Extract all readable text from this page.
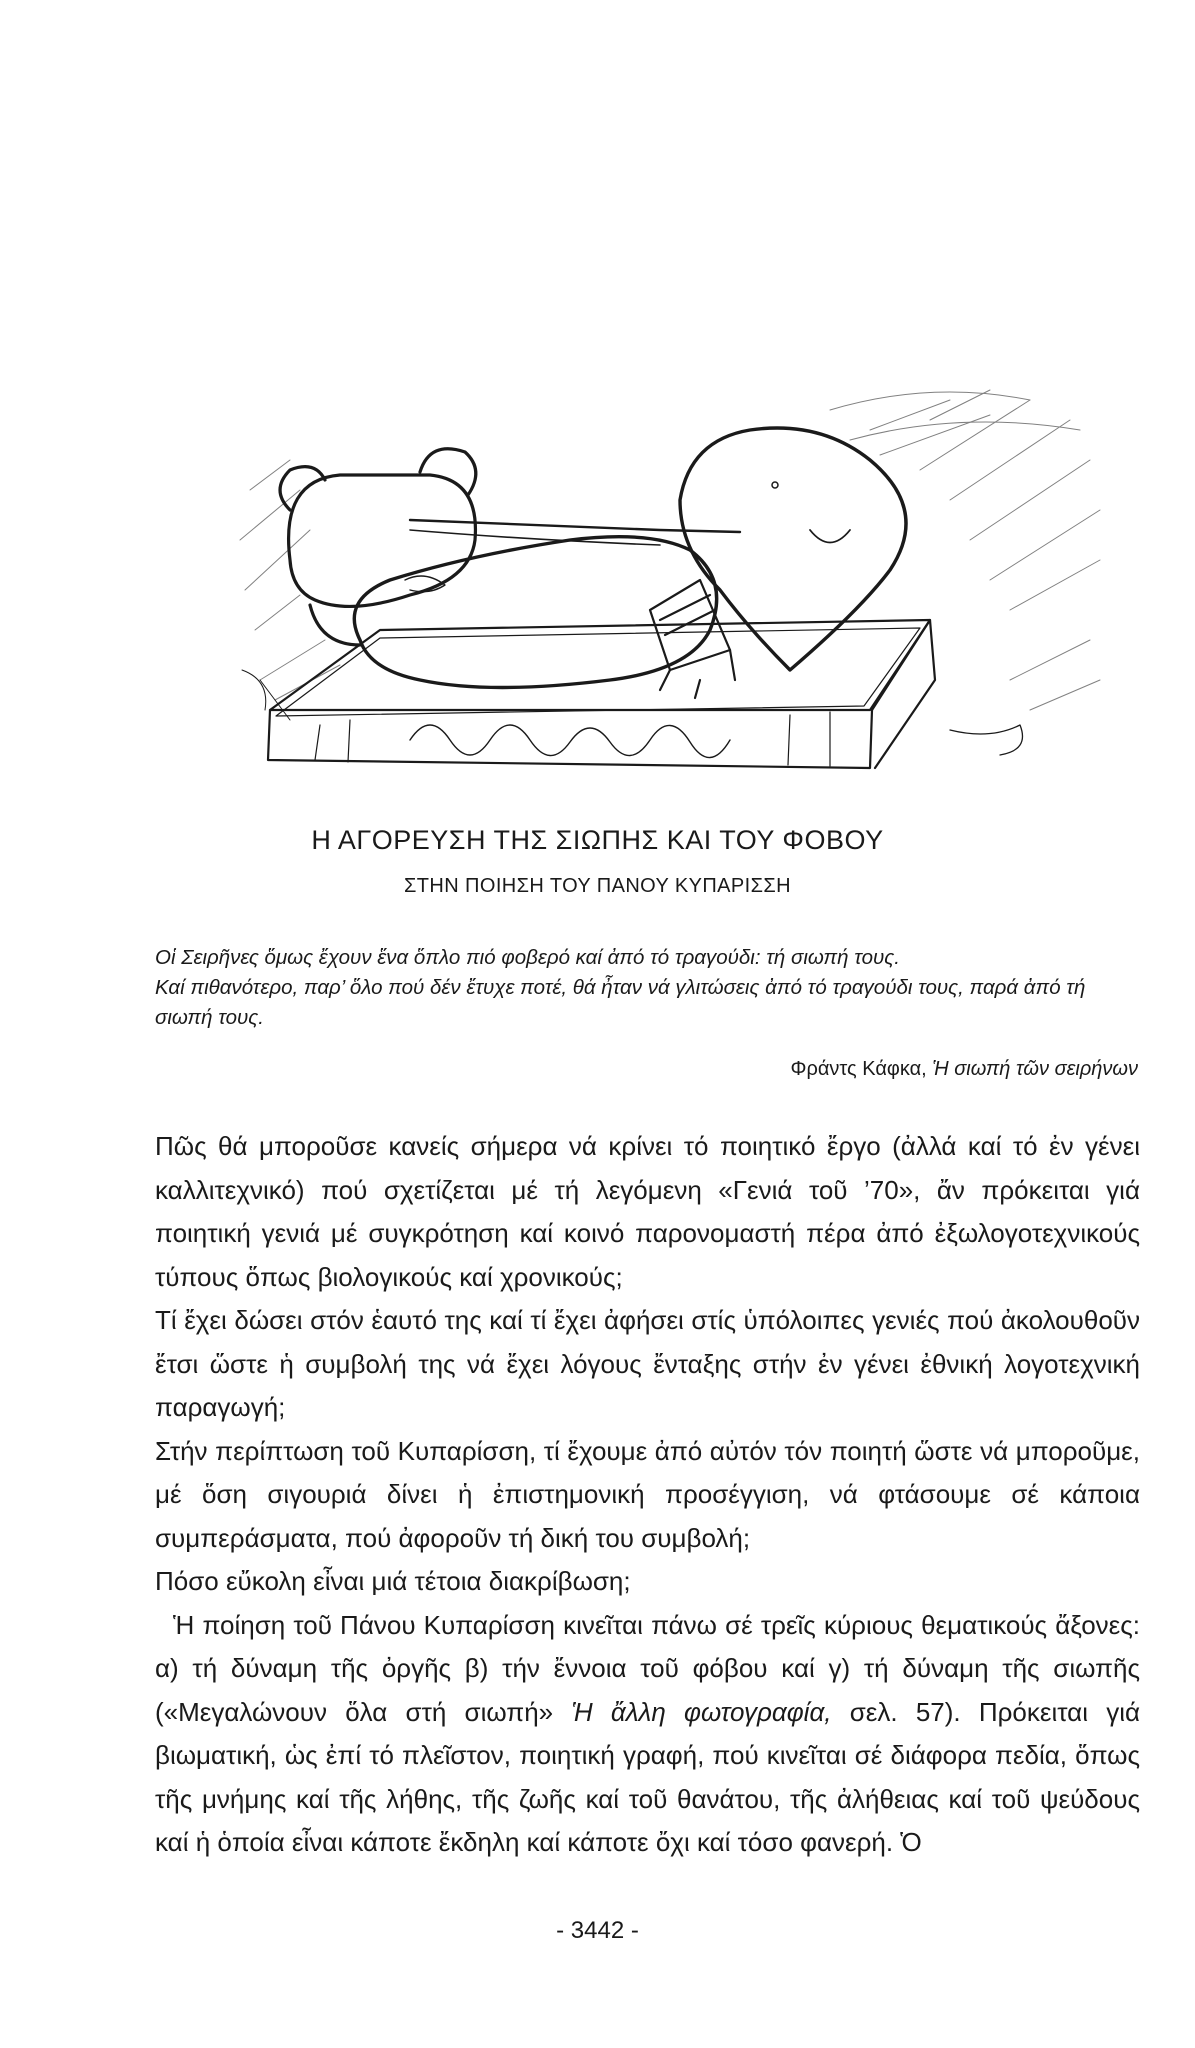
Η ΑΓΟΡΕΥΣΗ ΤΗΣ ΣΙΩΠΗΣ ΚΑΙ ΤΟΥ ΦΟΒΟΥ
ΣΤΗΝ ΠΟΙΗΣΗ ΤΟΥ ΠΑΝΟΥ ΚΥΠΑΡΙΣΣΗ

Οἱ Σειρῆνες ὅμως ἔχουν ἕνα ὅπλο πιό φοβερό καί ἀπό τό τραγούδι: τή σιωπή τους.

Καί πιθανότερο, παρ’ ὅλο πού δέν ἔτυχε ποτέ, θά ἦταν νά γλιτώσεις ἀπό τό τραγούδι τους, παρά ἀπό τή σιωπή τους.

Φράντς Κάφκα, Ἡ σιωπή τῶν σειρήνων

Πῶς θά μποροῦσε κανείς σήμερα νά κρίνει τό ποιητικό ἔργο (ἀλλά καί τό ἐν γένει καλλιτεχνικό) πού σχετίζεται μέ τή λεγόμενη «Γενιά τοῦ ’70», ἄν πρόκειται γιά ποιητική γενιά μέ συγκρότηση καί κοινό παρονομαστή πέρα ἀπό ἐξωλογοτεχνικούς τύπους ὅπως βιολογικούς καί χρονικούς;

Τί ἔχει δώσει στόν ἑαυτό της καί τί ἔχει ἀφήσει στίς ὑπόλοιπες γενιές πού ἀκολουθοῦν ἔτσι ὥστε ἡ συμβολή της νά ἔχει λόγους ἔνταξης στήν ἐν γένει ἐθνική λογοτεχνική παραγωγή;

Στήν περίπτωση τοῦ Κυπαρίσση, τί ἔχουμε ἀπό αὐτόν τόν ποιητή ὥστε νά μποροῦμε, μέ ὅση σιγουριά δίνει ἡ ἐπιστημονική προσέγγιση, νά φτάσουμε σέ κάποια συμπεράσματα, πού ἀφοροῦν τή δική του συμβολή;

Πόσο εὔκολη εἶναι μιά τέτοια διακρίβωση;

Ἡ ποίηση τοῦ Πάνου Κυπαρίσση κινεῖται πάνω σέ τρεῖς κύριους θεματικούς ἄξονες: α) τή δύναμη τῆς ὀργῆς β) τήν ἔννοια τοῦ φόβου καί γ) τή δύναμη τῆς σιωπῆς («Μεγαλώνουν ὅλα στή σιωπή» Ἡ ἄλλη φωτογραφία, σελ. 57). Πρόκειται γιά βιωματική, ὡς ἐπί τό πλεῖστον, ποιητική γραφή, πού κινεῖται σέ διάφορα πεδία, ὅπως τῆς μνήμης καί τῆς λήθης, τῆς ζωῆς καί τοῦ θανάτου, τῆς ἀλήθειας καί τοῦ ψεύδους καί ἡ ὁποία εἶναι κάποτε ἔκδηλη καί κάποτε ὄχι καί τόσο φανερή. Ὁ

- 3442 -
